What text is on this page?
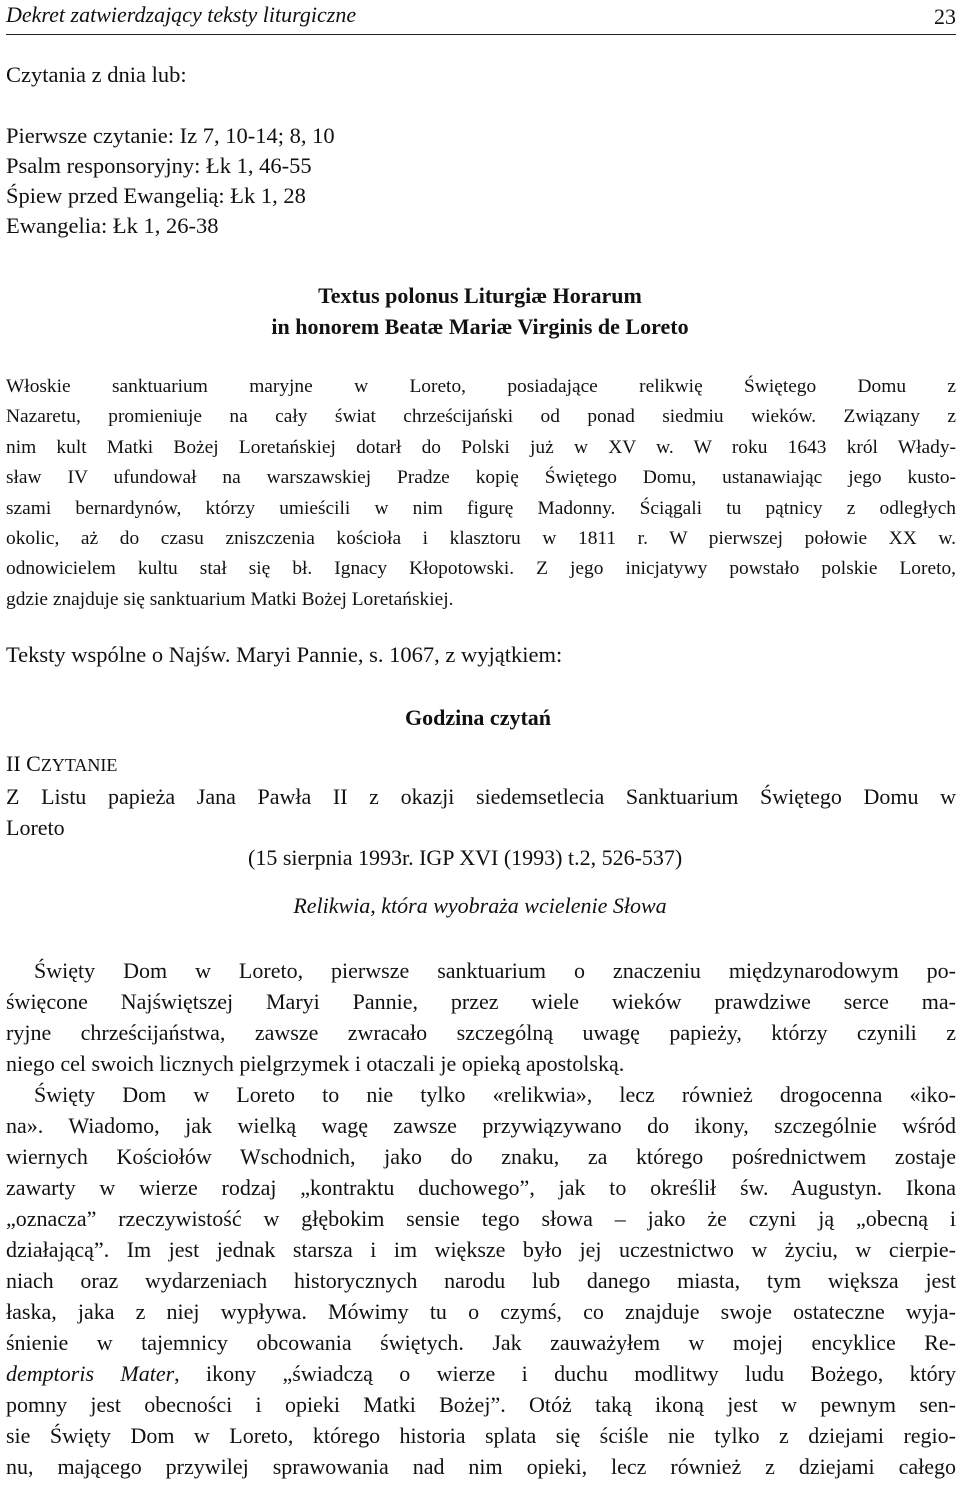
Dekret zatwierdzający teksty liturgiczne	23
Czytania z dnia lub:
Pierwsze czytanie: Iz 7, 10-14; 8, 10
Psalm responsoryjny: Łk 1, 46-55
Śpiew przed Ewangelią: Łk 1, 28
Ewangelia: Łk 1, 26-38
Textus polonus Liturgiæ Horarum
in honorem Beatæ Mariæ Virginis de Loreto
Włoskie sanktuarium maryjne w Loreto, posiadające relikwię Świętego Domu z
Nazaretu, promieniuje na cały świat chrześcijański od ponad siedmiu wieków. Związany z
nim kult Matki Bożej Loretańskiej dotarł do Polski już w XV w. W roku 1643 król Włady-
sław IV ufundował na warszawskiej Pradze kopię Świętego Domu, ustanawiając jego kusto-
szami bernardynów, którzy umieścili w nim figurę Madonny. Ściągali tu pątnicy z odległych
okolic, aż do czasu zniszczenia kościoła i klasztoru w 1811 r. W pierwszej połowie XX w.
odnowicielem kultu stał się bł. Ignacy Kłopotowski. Z jego inicjatywy powstało polskie Loreto,
gdzie znajduje się sanktuarium Matki Bożej Loretańskiej.
Teksty wspólne o Najśw. Maryi Pannie, s. 1067, z wyjątkiem:
Godzina czytań
II CZYTANIE
Z Listu papieża Jana Pawła II z okazji siedemsetlecia Sanktuarium Świętego Domu w
Loreto
(15 sierpnia 1993r. IGP XVI (1993) t.2, 526-537)
Relikwia, która wyobraża wcielenie Słowa
Święty Dom w Loreto, pierwsze sanktuarium o znaczeniu międzynarodowym po-
święcone Najświętszej Maryi Pannie, przez wiele wieków prawdziwe serce ma-
ryjne chrześcijaństwa, zawsze zwracało szczególną uwagę papieży, którzy czynili z
niego cel swoich licznych pielgrzymek i otaczali je opieką apostolską.
Święty Dom w Loreto to nie tylko «relikwia», lecz również drogocenna «iko-
na». Wiadomo, jak wielką wagę zawsze przywiązywano do ikony, szczególnie wśród
wiernych Kościołów Wschodnich, jako do znaku, za którego pośrednictwem zostaje
zawarty w wierze rodzaj „kontraktu duchowego”, jak to określił św. Augustyn. Ikona
„oznacza” rzeczywistość w głębokim sensie tego słowa – jako że czyni ją „obecną i
działającą”. Im jest jednak starsza i im większe było jej uczestnictwo w życiu, w cierpie-
niach oraz wydarzeniach historycznych narodu lub danego miasta, tym większa jest
łaska, jaka z niej wypływa. Mówimy tu o czymś, co znajduje swoje ostateczne wyja-
śnienie w tajemnicy obcowania świętych. Jak zauważyłem w mojej encyklice Re-
demptoris Mater, ikony „świadczą o wierze i duchu modlitwy ludu Bożego, który
pomny jest obecności i opieki Matki Bożej”. Otóż taką ikoną jest w pewnym sen-
sie Święty Dom w Loreto, którego historia splata się ściśle nie tylko z dziejami regio-
nu, mającego przywilej sprawowania nad nim opieki, lecz również z dziejami całego
